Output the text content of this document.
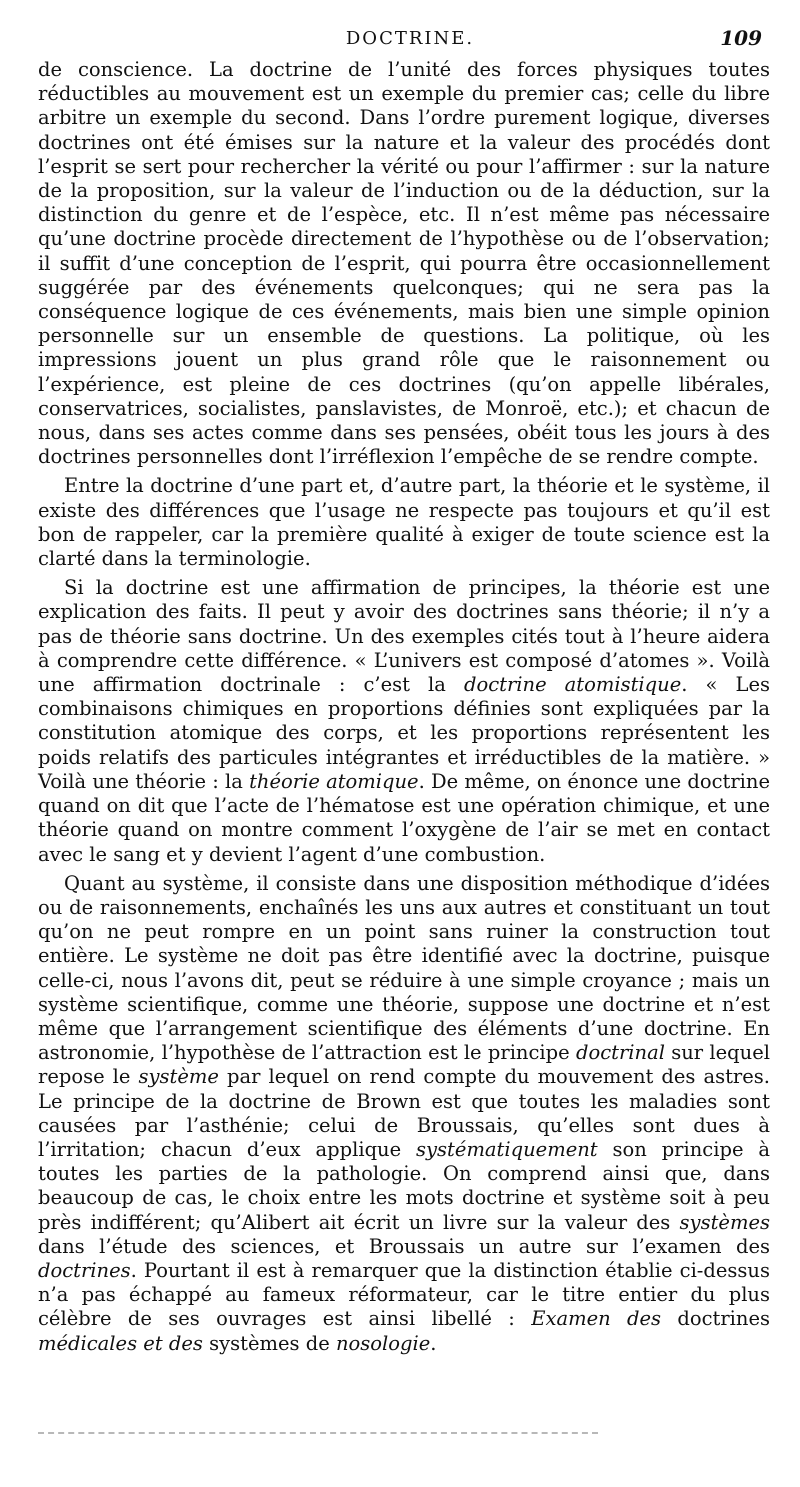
DOCTRINE.	109

de conscience. La doctrine de l’unité des forces physiques toutes réductibles au mouvement est un exemple du premier cas; celle du libre arbitre un exemple du second. Dans l’ordre purement logique, diverses doctrines ont été émises sur la nature et la valeur des procédés dont l’esprit se sert pour rechercher la vérité ou pour l’affirmer : sur la nature de la proposition, sur la valeur de l’induction ou de la déduction, sur la distinction du genre et de l’espèce, etc. Il n’est même pas nécessaire qu’une doctrine procède directement de l’hypothèse ou de l’observation; il suffit d’une conception de l’esprit, qui pourra être occasionnellement suggérée par des événements quelconques; qui ne sera pas la conséquence logique de ces événements, mais bien une simple opinion personnelle sur un ensemble de questions. La politique, où les impressions jouent un plus grand rôle que le raisonnement ou l’expérience, est pleine de ces doctrines (qu’on appelle libérales, conservatrices, socialistes, panslavistes, de Monroë, etc.); et chacun de nous, dans ses actes comme dans ses pensées, obéit tous les jours à des doctrines personnelles dont l’irréflexion l’empêche de se rendre compte.

Entre la doctrine d’une part et, d’autre part, la théorie et le système, il existe des différences que l’usage ne respecte pas toujours et qu’il est bon de rappeler, car la première qualité à exiger de toute science est la clarté dans la terminologie.

Si la doctrine est une affirmation de principes, la théorie est une explication des faits. Il peut y avoir des doctrines sans théorie; il n’y a pas de théorie sans doctrine. Un des exemples cités tout à l’heure aidera à comprendre cette différence. « L’univers est composé d’atomes ». Voilà une affirmation doctrinale : c’est la doctrine atomistique. « Les combinaisons chimiques en proportions définies sont expliquées par la constitution atomique des corps, et les proportions représentent les poids relatifs des particules intégrantes et irréductibles de la matière. » Voilà une théorie : la théorie atomique. De même, on énonce une doctrine quand on dit que l’acte de l’hématose est une opération chimique, et une théorie quand on montre comment l’oxygène de l’air se met en contact avec le sang et y devient l’agent d’une combustion.

Quant au système, il consiste dans une disposition méthodique d’idées ou de raisonnements, enchaînés les uns aux autres et constituant un tout qu’on ne peut rompre en un point sans ruiner la construction tout entière. Le système ne doit pas être identifié avec la doctrine, puisque celle-ci, nous l’avons dit, peut se réduire à une simple croyance ; mais un système scientifique, comme une théorie, suppose une doctrine et n’est même que l’arrangement scientifique des éléments d’une doctrine. En astronomie, l’hypothèse de l’attraction est le principe doctrinal sur lequel repose le système par lequel on rend compte du mouvement des astres. Le principe de la doctrine de Brown est que toutes les maladies sont causées par l’asthénie; celui de Broussais, qu’elles sont dues à l’irritation; chacun d’eux applique systématiquement son principe à toutes les parties de la pathologie. On comprend ainsi que, dans beaucoup de cas, le choix entre les mots doctrine et système soit à peu près indifférent; qu’Alibert ait écrit un livre sur la valeur des systèmes dans l’étude des sciences, et Broussais un autre sur l’examen des doctrines. Pourtant il est à remarquer que la distinction établie ci-dessus n’a pas échappé au fameux réformateur, car le titre entier du plus célèbre de ses ouvrages est ainsi libellé : Examen des doctrines médicales et des systèmes de nosologie.
